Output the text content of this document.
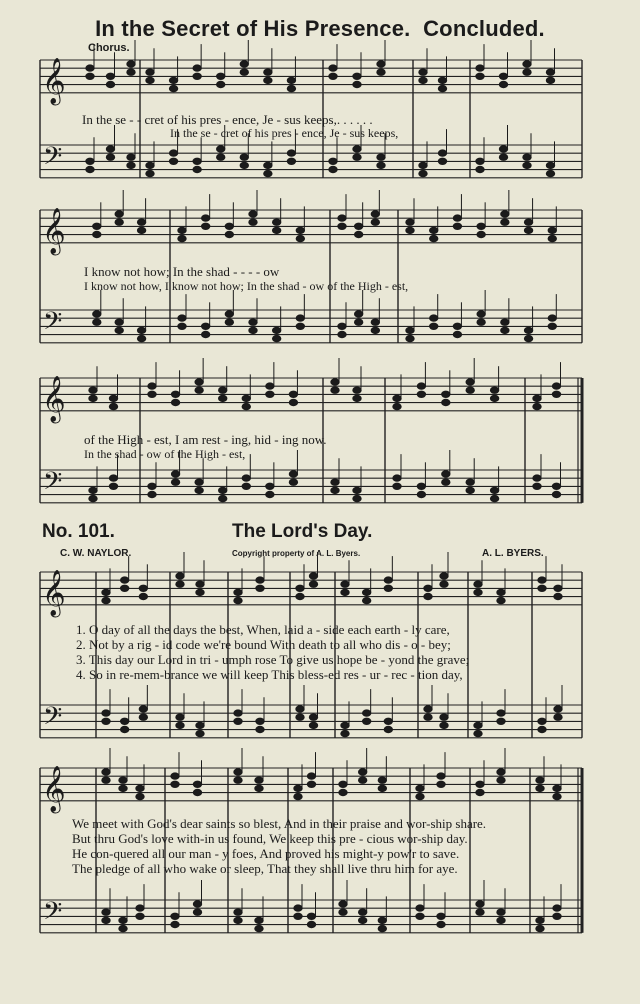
𝄞
𝄢
𝄞
𝄢
𝄞
𝄢
𝄞
𝄢
𝄞
𝄢
In the Secret of His Presence. Concluded.
Chorus.
In the se - - cret of his pres - ence, Je - sus keeps,. . . . . .
In the se - cret of his pres - ence, Je - sus keeps,
I know not how; In the shad - - - - ow
I know not how, I know not how; In the shad - ow of the High - est,
of the High - est, I am rest - ing, hid - ing now.
In the shad - ow of the High - est,
No. 101.	The Lord's Day.
C. W. NAYLOR.	Copyright property of A. L. Byers.	A. L. BYERS.
1. O day of all the days the best, When, laid a - side each earth - ly care,
2. Not by a rig - id code we're bound With death to all who dis - o - bey;
3. This day our Lord in tri - umph rose To give us hope be - yond the grave;
4. So in re-mem-brance we will keep This bless-ed res - ur - rec - tion day,
We meet with God's dear saints so blest, And in their praise and wor-ship share.
But thru God's love with-in us found, We keep this pre - cious wor-ship day.
He con-quered all our man - y foes, And proved his might-y pow'r to save.
The pledge of all who wake or sleep, That they shall live thru him for aye.
